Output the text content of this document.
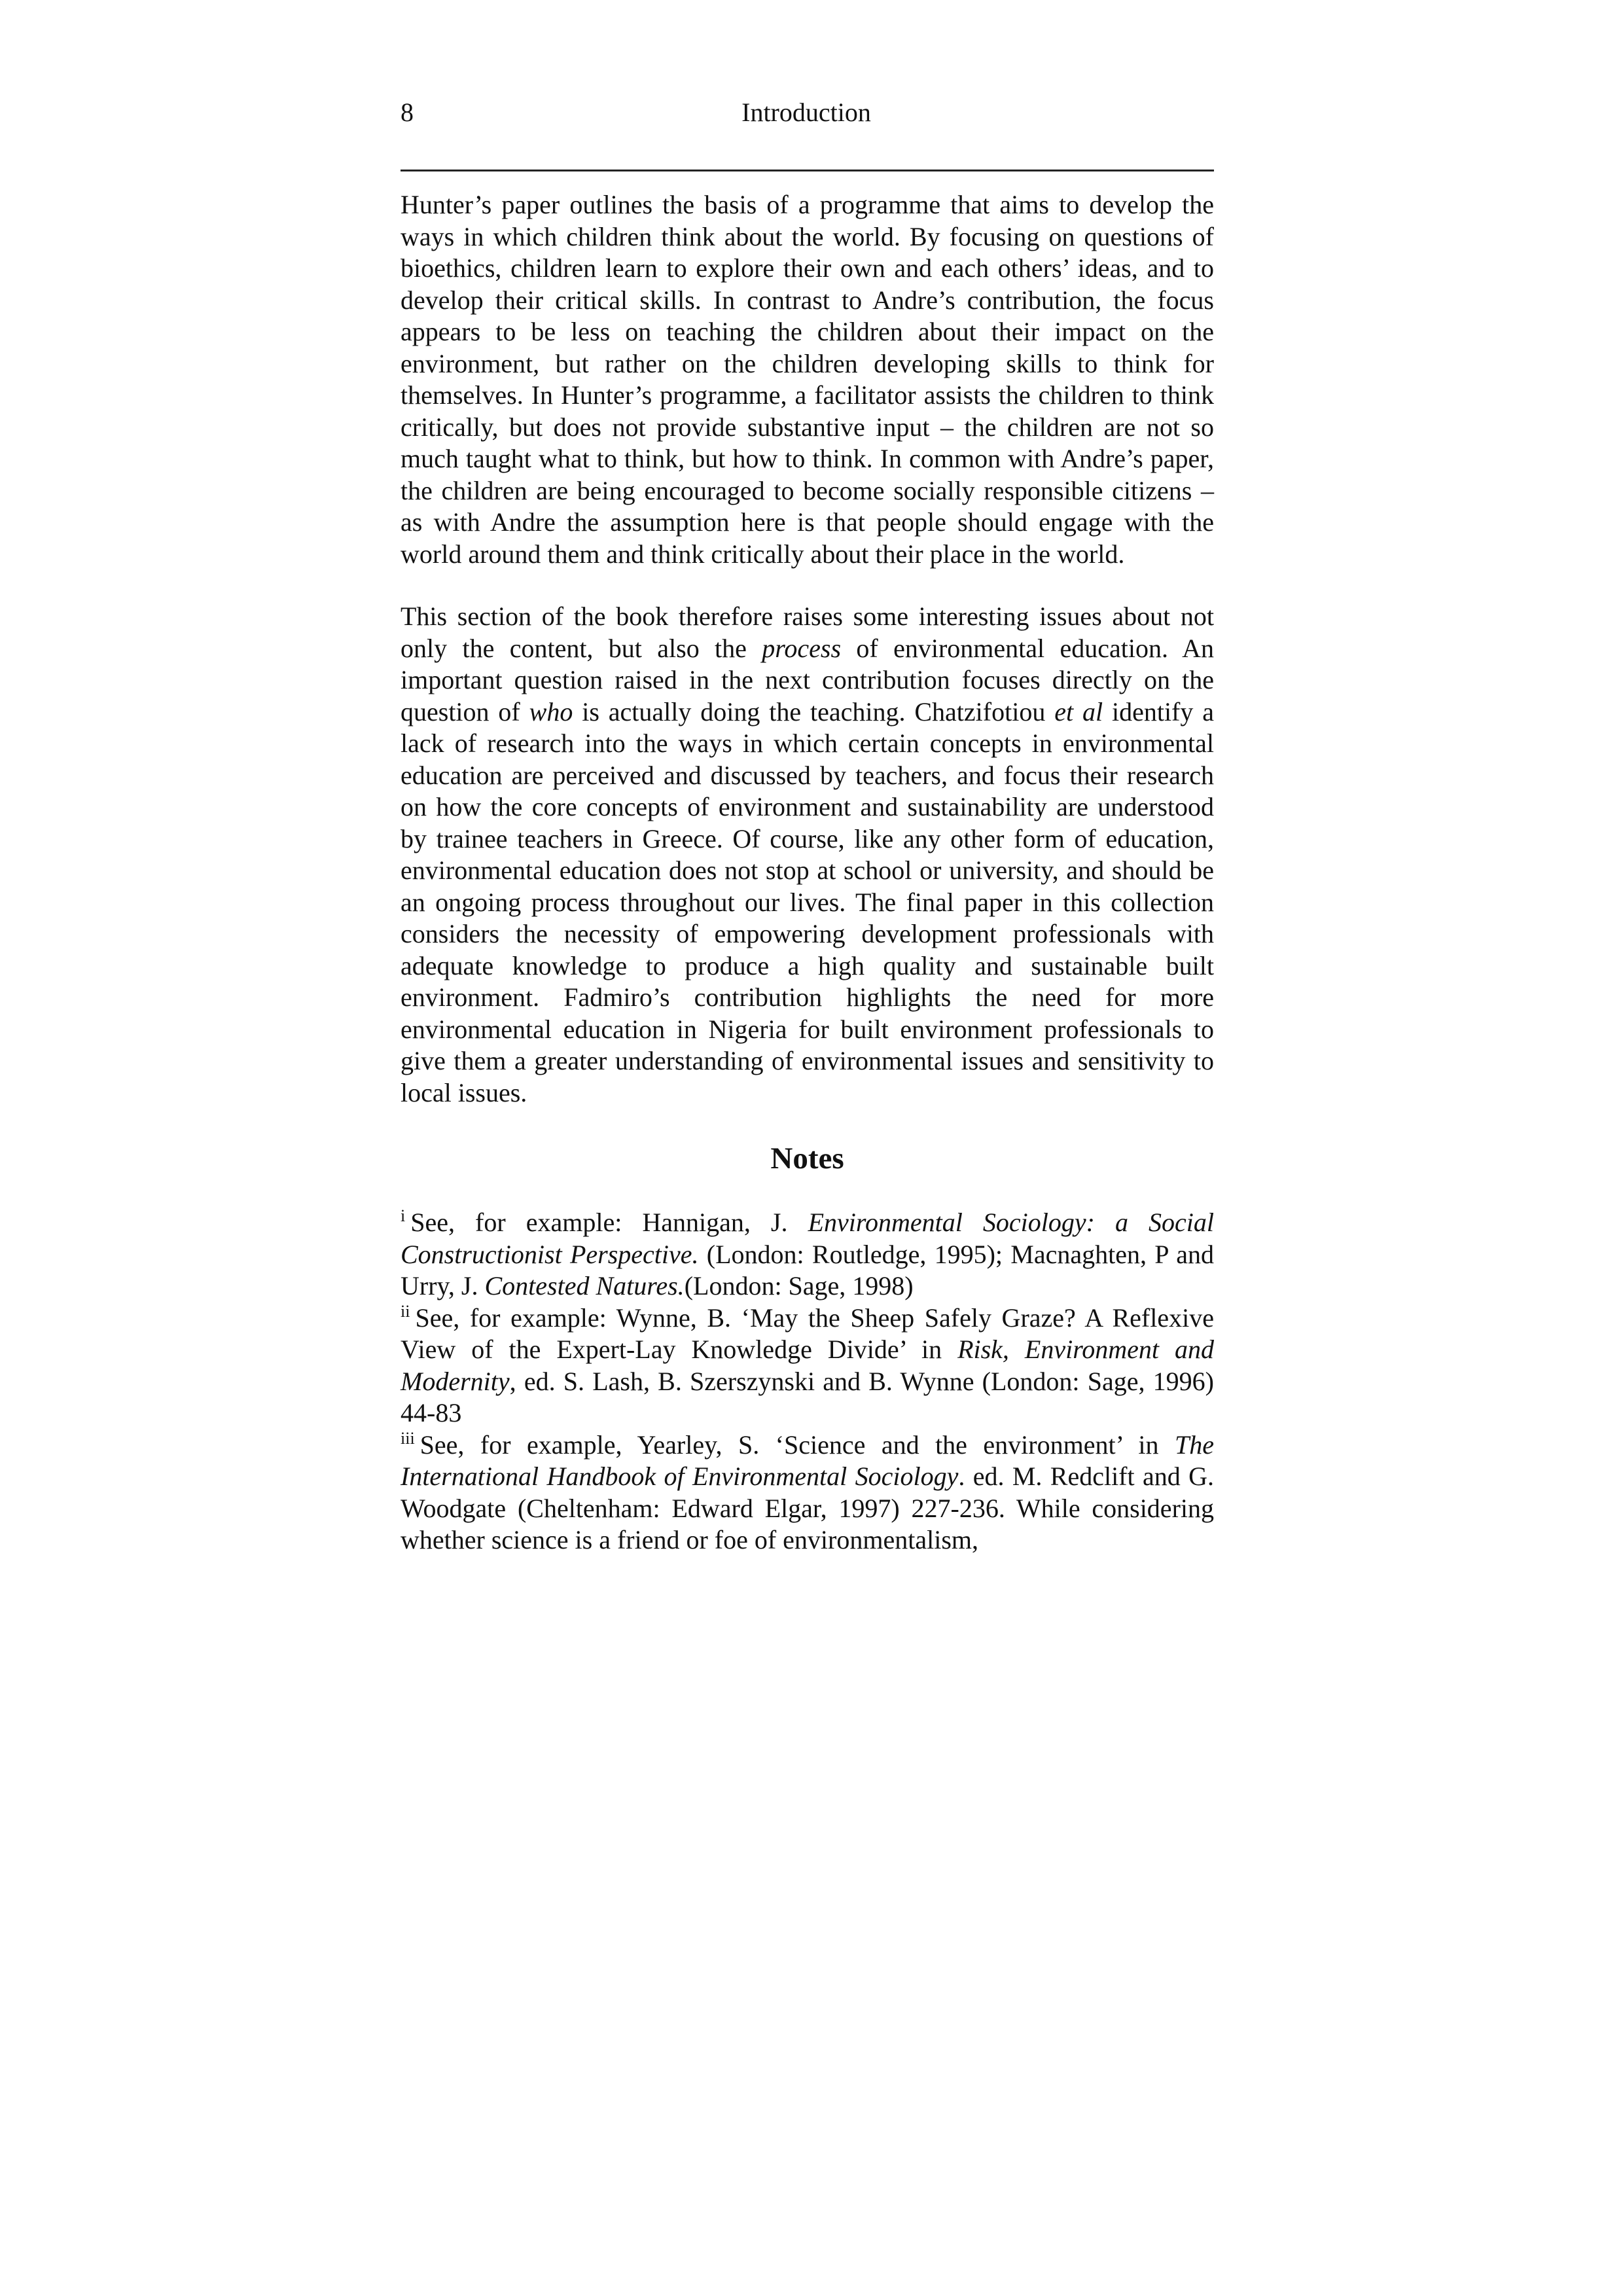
8	Introduction

Hunter’s paper outlines the basis of a programme that aims to develop the ways in which children think about the world. By focusing on questions of bioethics, children learn to explore their own and each others’ ideas, and to develop their critical skills. In contrast to Andre’s contribution, the focus appears to be less on teaching the children about their impact on the environment, but rather on the children developing skills to think for themselves. In Hunter’s programme, a facilitator assists the children to think critically, but does not provide substantive input – the children are not so much taught what to think, but how to think. In common with Andre’s paper, the children are being encouraged to become socially responsible citizens – as with Andre the assumption here is that people should engage with the world around them and think critically about their place in the world.

This section of the book therefore raises some interesting issues about not only the content, but also the process of environmental education. An important question raised in the next contribution focuses directly on the question of who is actually doing the teaching. Chatzifotiou et al identify a lack of research into the ways in which certain concepts in environmental education are perceived and discussed by teachers, and focus their research on how the core concepts of environment and sustainability are understood by trainee teachers in Greece. Of course, like any other form of education, environmental education does not stop at school or university, and should be an ongoing process throughout our lives. The final paper in this collection considers the necessity of empowering development professionals with adequate knowledge to produce a high quality and sustainable built environment. Fadmiro’s contribution highlights the need for more environmental education in Nigeria for built environment professionals to give them a greater understanding of environmental issues and sensitivity to local issues.

Notes

$^i$ See, for example: Hannigan, J. Environmental Sociology: a Social Constructionist Perspective. (London: Routledge, 1995); Macnaghten, P and Urry, J. Contested Natures.(London: Sage, 1998)

$^{ii}$ See, for example: Wynne, B. ‘May the Sheep Safely Graze? A Reflexive View of the Expert-Lay Knowledge Divide’ in Risk, Environment and Modernity, ed. S. Lash, B. Szerszynski and B. Wynne (London: Sage, 1996) 44-83

$^{iii}$ See, for example, Yearley, S. ‘Science and the environment’ in The International Handbook of Environmental Sociology. ed. M. Redclift and G. Woodgate (Cheltenham: Edward Elgar, 1997) 227-236. While considering whether science is a friend or foe of environmentalism,
